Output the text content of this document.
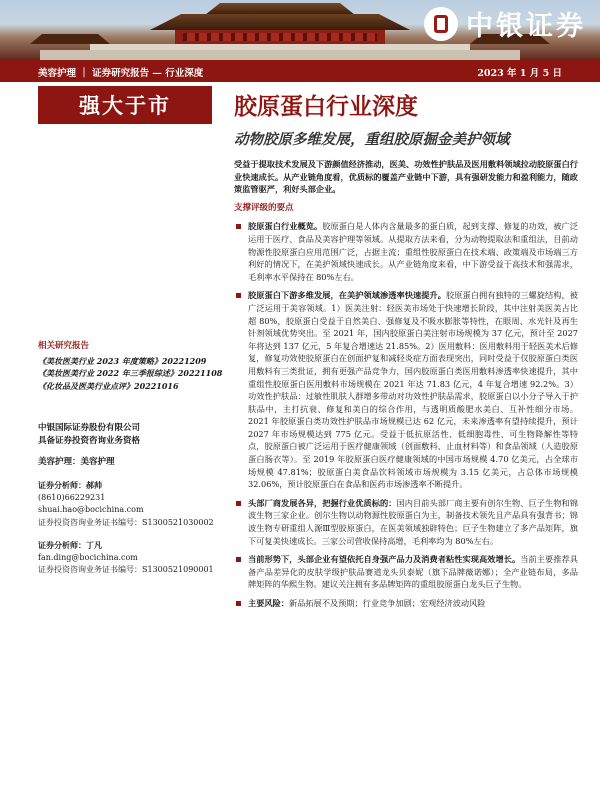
中银证券
美容护理 ｜ 证券研究报告 — 行业深度	2023 年 1 月 5 日
强大于市	胶原蛋白行业深度
动物胶原多维发展，重组胶原掘金美护领域
相关研究报告
《美妆医美行业 2023 年度策略》20221209
《美妆医美行业 2022 年三季报综述》20221108
《化妆品及医美行业点评》20221016
中银国际证券股份有限公司
具备证券投资咨询业务资格
美容护理：美容护理
证券分析师：郝帅
(8610)66229231
shuai.hao@bocichina.com
证券投资咨询业务证书编号：S1300521030002
证券分析师：丁凡
fan.ding@bocichina.com
证券投资咨询业务证书编号：S1300521090001
受益于提取技术发展及下游颜值经济推动，医美、功效性护肤品及医用敷料领域拉动胶原蛋白行业快速成长。从产业链角度看，优质标的覆盖产业链中下游，具有强研发能力和盈利能力，随政策监管驱严，利好头部企业。
支撑评级的要点
胶原蛋白行业概览。胶原蛋白是人体内含量最多的蛋白质，起到支撑、修复的功效，被广泛运用于医疗、食品及美容护理等领域。从提取方法来看，分为动物提取法和重组法，目前动物源性胶原蛋白应用范围广泛，占据主流；重组性胶原蛋白在技术端、政策端及市场端三方利好的情况下，在美护领域快速成长。从产业链角度来看，中下游受益于高技术和强需求，毛利率水平保持在 80%左右。
胶原蛋白下游多维发展，在美护领域渗透率快速提升。胶原蛋白拥有独特的三螺旋结构，被广泛运用于美容领域。1）医美注射：轻医美市场处于快速增长阶段，其中注射美医美占比超 80%，胶原蛋白受益于自然美白、强修复及不吸水膨胀等特性，在眼周、水光针及再生针剂领域优势突出。至 2021 年，国内胶原蛋白美注射市场规模为 37 亿元，预计至 2027 年将达到 137 亿元，5 年复合增速达 21.85%。2）医用敷料：医用敷料用于轻医美术后修复，修复功效使胶原蛋白在创面护复和减轻炎症方面表现突出，同时受益于仅胶原蛋白类医用敷料有三类批证，拥有更强产品竞争力，国内胶原蛋白类医用敷料渗透率快速提升，其中重组性胶原蛋白医用敷料市场规模在 2021 年达 71.83 亿元，4 年复合增速 92.2%。3）功效性护肤品：过敏性肌肤人群增多带动对功效性护肤品需求，胶原蛋白以小分子导入于护肤品中，主打抗衰、修复和美白的综合作用，与透明质酸肥水美白、互补性细分市场。2021 年胶原蛋白类功效性护肤品市场规模已达 62 亿元，未来渗透率有望持续提升，预计 2027 年市场规模达到 775 亿元。受益于低抗原活性、低细胞毒性、可生物降解性等特点，胶原蛋白被广泛运用于医疗健康领域（创面敷料、止血材料等）和食品领域（人造胶原蛋白肠衣等）。至 2019 年胶原蛋白医疗健康领域的中国市场规模 4.70 亿美元，占全球市场规模 47.81%；胶原蛋白美食品饮料领域市场规模为 3.15 亿美元，占总体市场规模 32.06%，预计胶原蛋白在食品和医药市场渗透率不断提升。
头部厂商发展各异，把握行业优质标的：国内目前头部厂商主要有创尔生物、巨子生物和锦波生物三家企业。创尔生物以动物源性胶原蛋白为主，制备技术领先且产品具有强背书；锦波生物专研重组人源Ⅲ型胶原蛋白，在医美领域独辟特色；巨子生物建立了多产品矩阵，旗下可复美快速成长。三家公司营收保持高增，毛利率均为 80%左右。
当前形势下，头部企业有望依托自身强产品力及消费者粘性实现高效增长。当前主要推荐具备产品差异化的皮肤学级护肤品赛道龙头贝泰妮（旗下品牌薇诺娜）；全产业链布局，多品牌矩阵的华熙生物。建议关注拥有多品牌矩阵的重组胶原蛋白龙头巨子生物。
主要风险：新品拓展不及预期；行业竞争加剧；宏观经济波动风险
